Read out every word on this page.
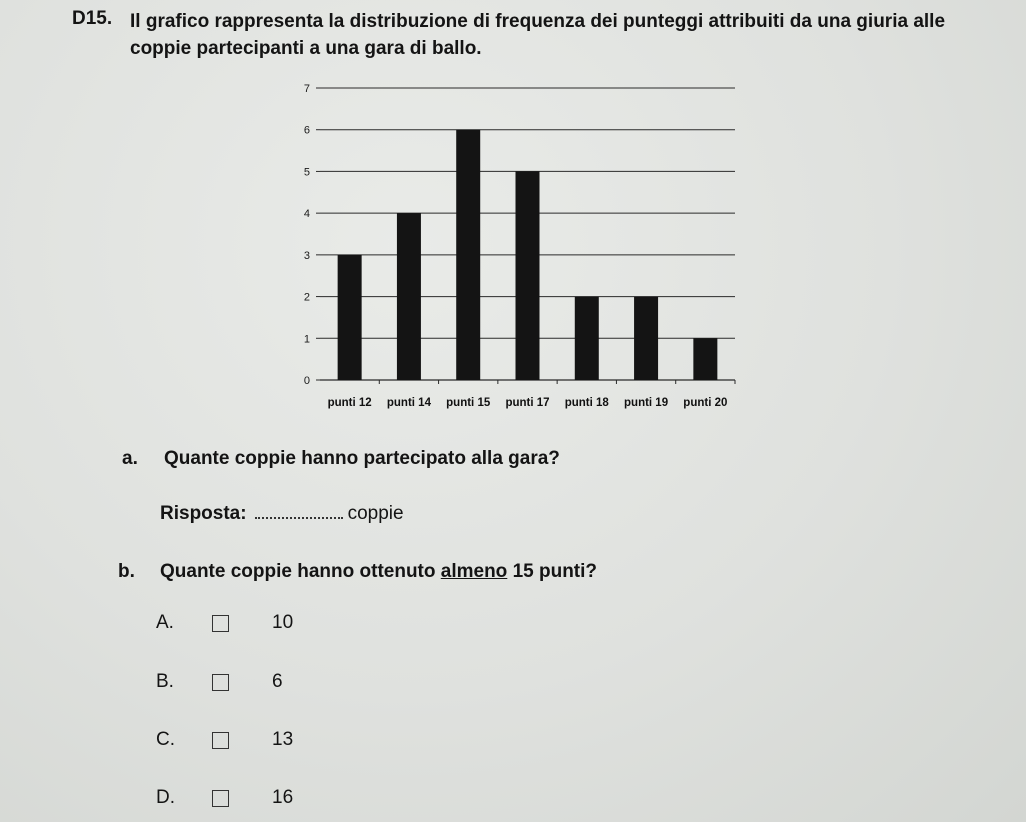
D15. Il grafico rappresenta la distribuzione di frequenza dei punteggi attribuiti da una giuria alle coppie partecipanti a una gara di ballo.
0
1
2
3
4
5
6
7
punti 12 punti 14 punti 15 punti 17 punti 18 punti 19 punti 20
a. Quante coppie hanno partecipato alla gara?
Risposta:	coppie
b. Quante coppie hanno ottenuto almeno 15 punti?
A.	10
B.	6
C.	13
D.	16
